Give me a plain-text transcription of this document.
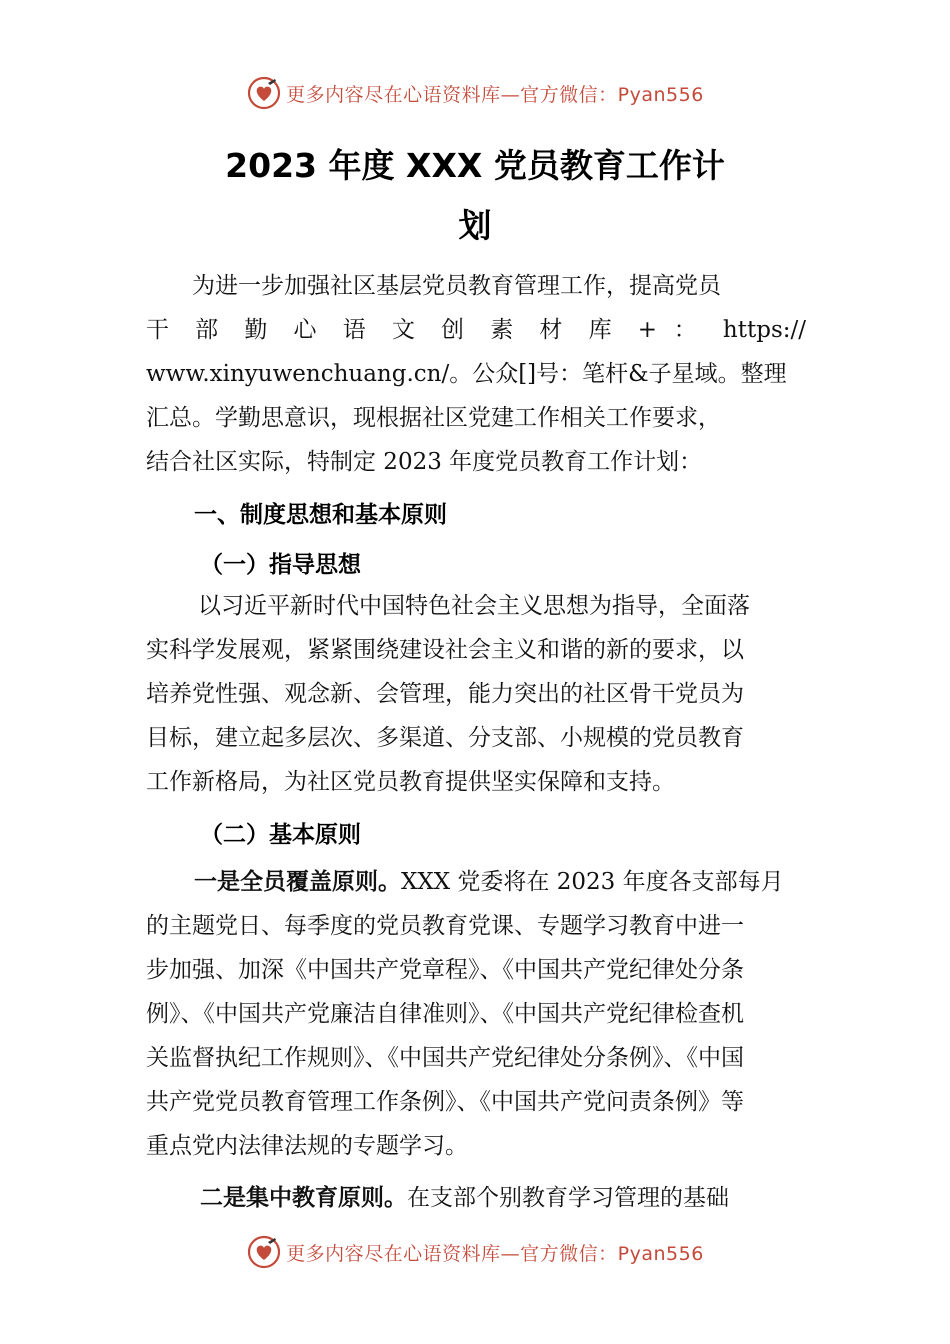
更多内容尽在心语资料库—官方微信：Pyan556
2023 年度 XXX 党员教育工作计
划
为进一步加强社区基层党员教育管理工作，提高党员
干 部 勤 心 语 文 创 素 材 库 + ： https://
www.xinyuwenchuang.cn/。公众[]号：笔杆&子星域。整理
汇总。学勤思意识，现根据社区党建工作相关工作要求，
结合社区实际，特制定 2023 年度党员教育工作计划：
一、制度思想和基本原则
（一）指导思想
以习近平新时代中国特色社会主义思想为指导，全面落
实科学发展观，紧紧围绕建设社会主义和谐的新的要求，以
培养党性强、观念新、会管理，能力突出的社区骨干党员为
目标，建立起多层次、多渠道、分支部、小规模的党员教育
工作新格局，为社区党员教育提供坚实保障和支持。
（二）基本原则
一是全员覆盖原则。XXX 党委将在 2023 年度各支部每月
的主题党日、每季度的党员教育党课、专题学习教育中进一
步加强、加深《中国共产党章程》、《中国共产党纪律处分条
例》、《中国共产党廉洁自律准则》、《中国共产党纪律检查机
关监督执纪工作规则》、《中国共产党纪律处分条例》、《中国
共产党党员教育管理工作条例》、《中国共产党问责条例》等
重点党内法律法规的专题学习。
二是集中教育原则。在支部个别教育学习管理的基础
更多内容尽在心语资料库—官方微信：Pyan556
